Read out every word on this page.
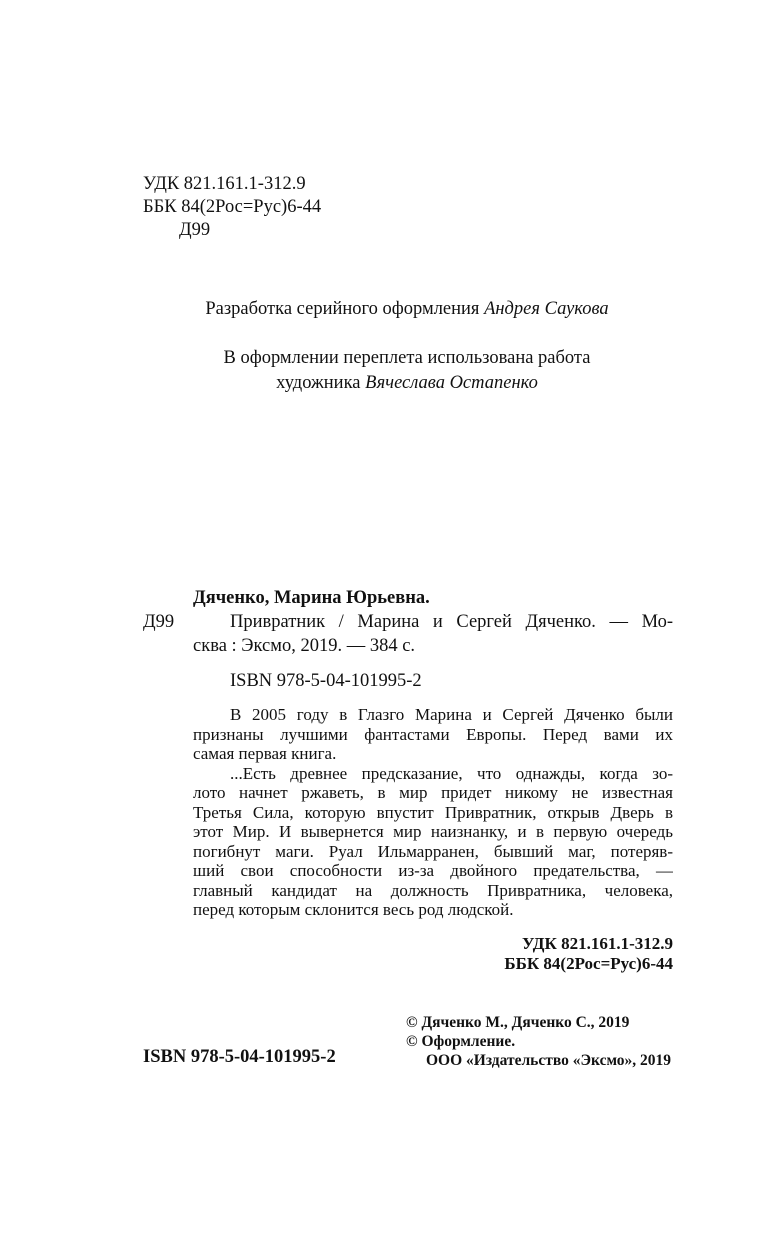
УДК 821.161.1-312.9
ББК 84(2Рос=Рус)6-44
Д99
Разработка серийного оформления Андрея Саукова
В оформлении переплета использована работа
художника Вячеслава Остапенко
Дяченко, Марина Юрьевна.
Д99	Привратник / Марина и Сергей Дяченко. — Мо-
сква : Эксмо, 2019. — 384 с.
ISBN 978-5-04-101995-2
В 2005 году в Глазго Марина и Сергей Дяченко были
признаны лучшими фантастами Европы. Перед вами их
самая первая книга.
...Есть древнее предсказание, что однажды, когда зо-
лото начнет ржаветь, в мир придет никому не известная
Третья Сила, которую впустит Привратник, открыв Дверь в
этот Мир. И вывернется мир наизнанку, и в первую очередь
погибнут маги. Руал Ильмарранен, бывший маг, потеряв-
ший свои способности из-за двойного предательства, —
главный кандидат на должность Привратника, человека,
перед которым склонится весь род людской.
УДК 821.161.1-312.9
ББК 84(2Рос=Рус)6-44
© Дяченко М., Дяченко С., 2019
© Оформление.
ООО «Издательство «Эксмо», 2019
ISBN 978-5-04-101995-2
